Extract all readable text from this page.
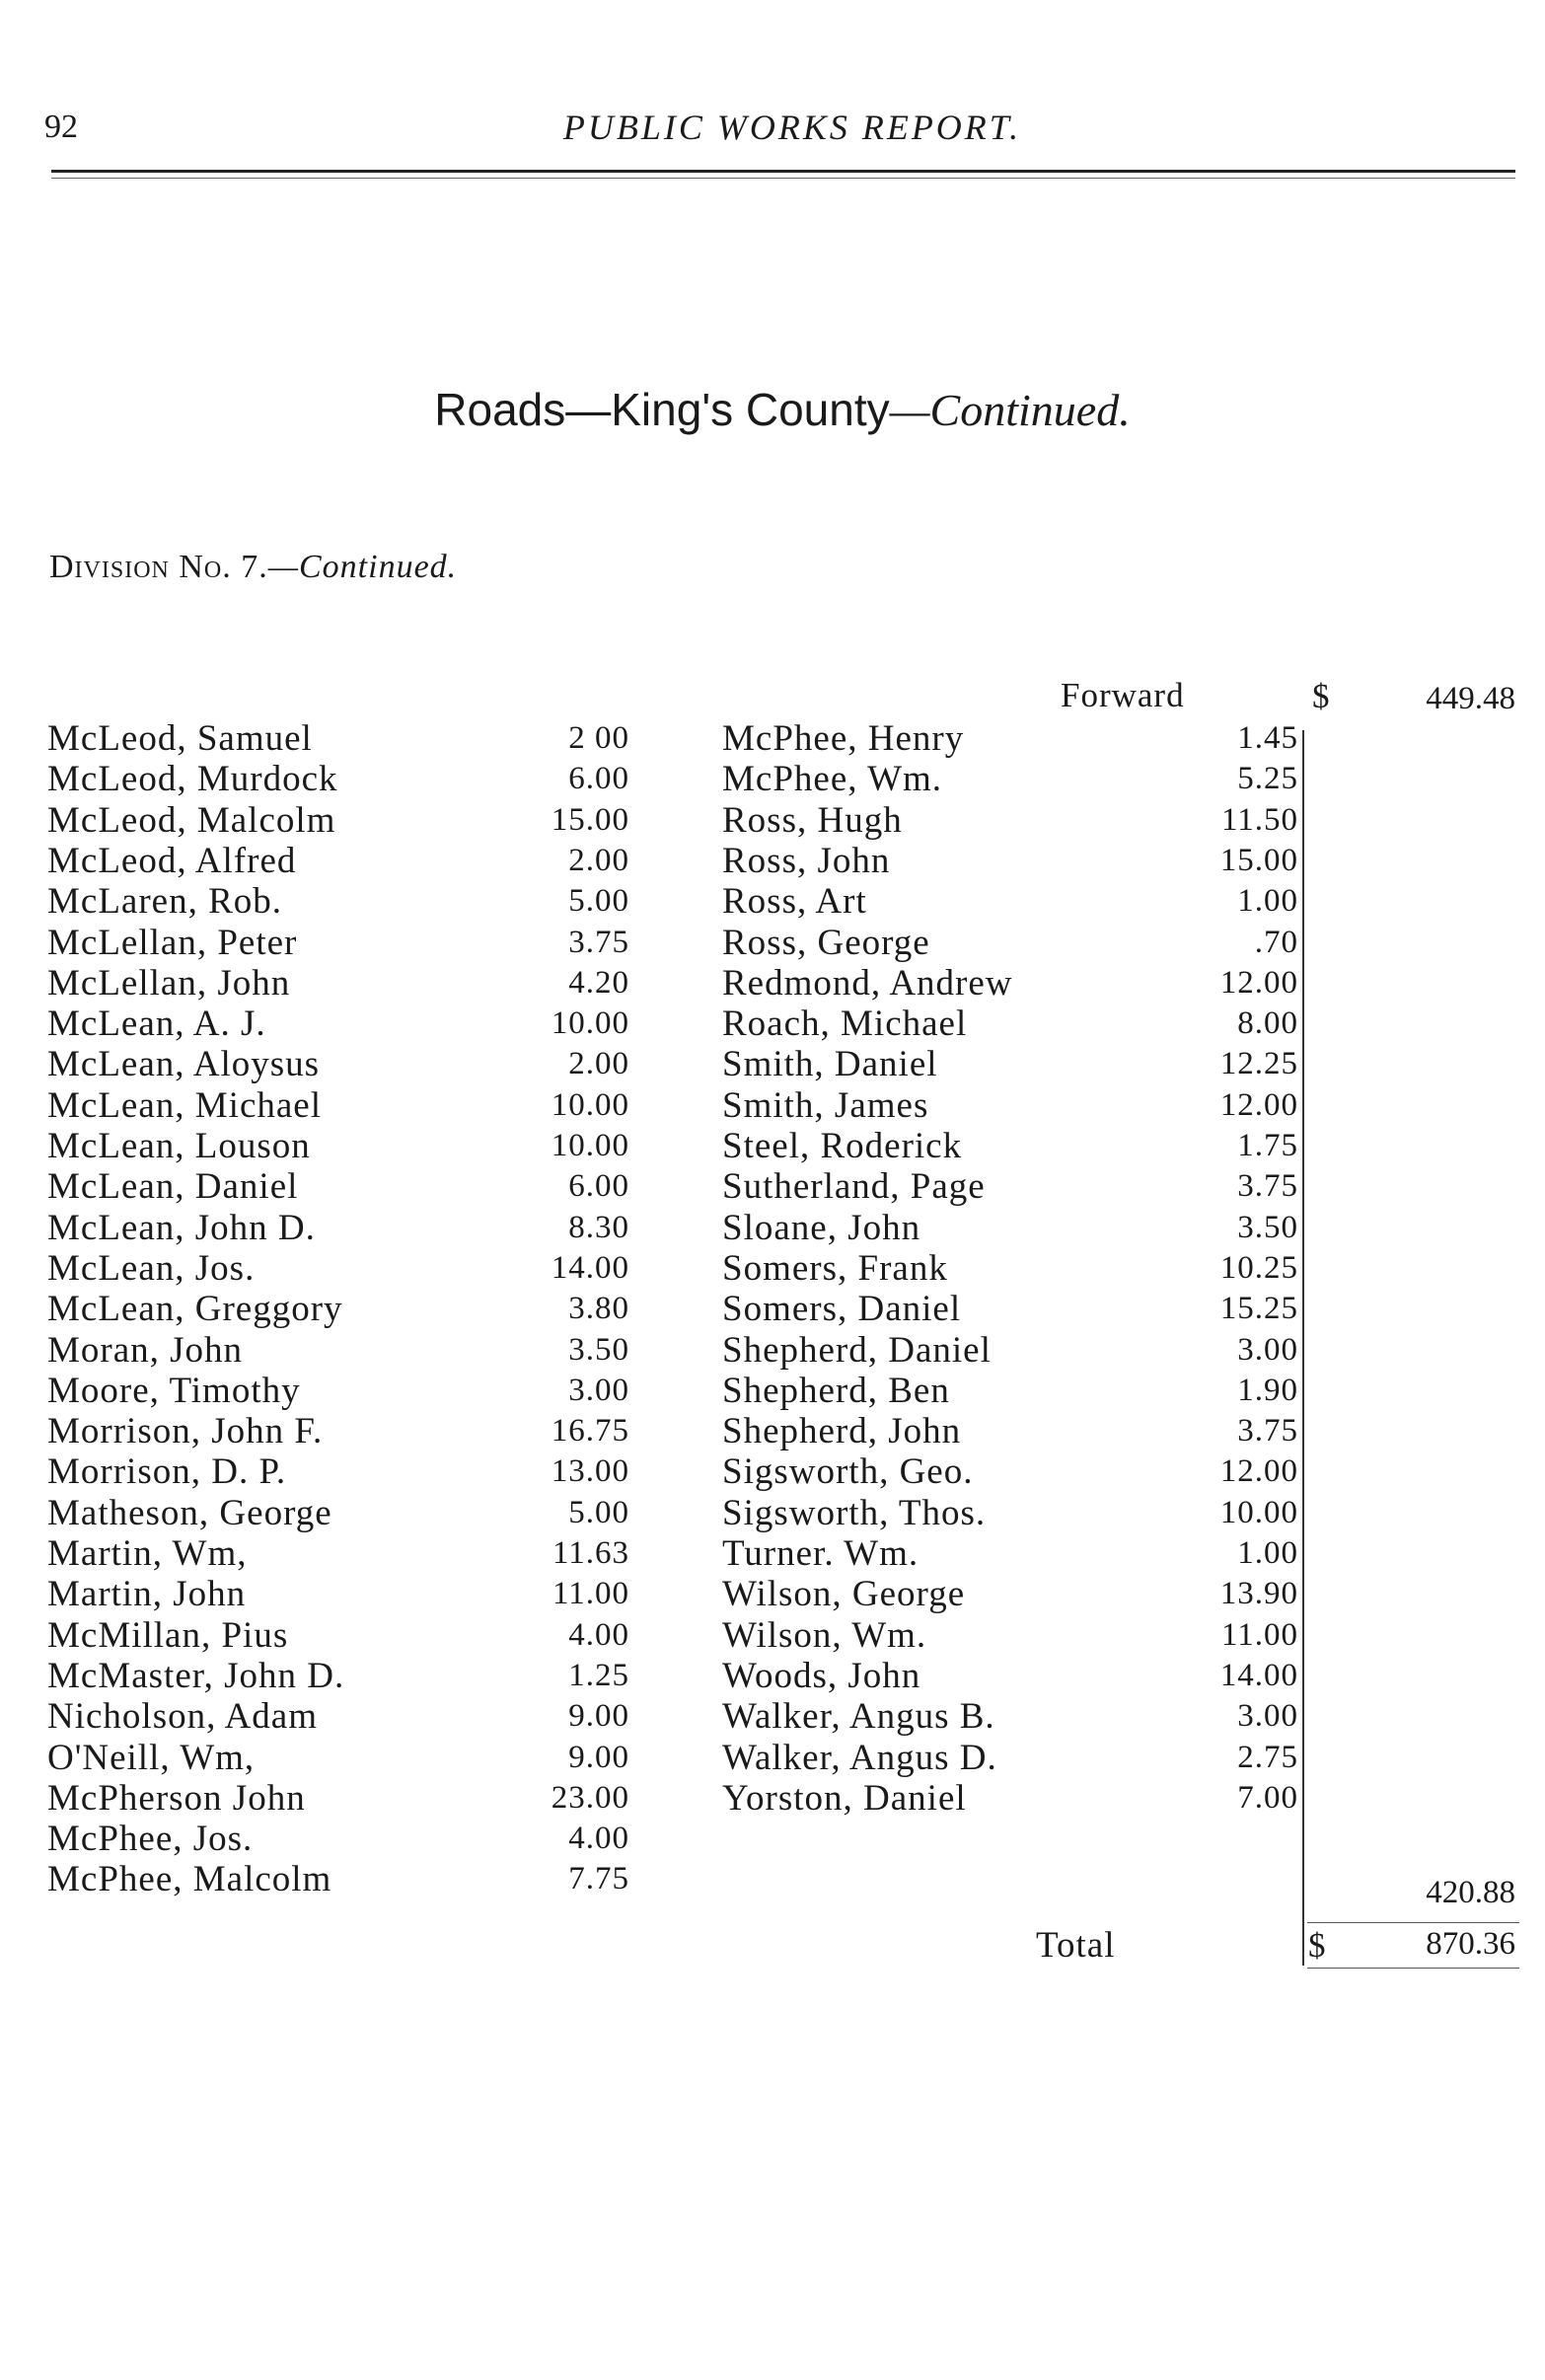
92	PUBLIC WORKS REPORT.
Roads—King's County—Continued.
Division No. 7.—Continued.
McLeod, Samuel	2 00
McLeod, Murdock	6.00
McLeod, Malcolm	15.00
McLeod, Alfred	2.00
McLaren, Rob.	5.00
McLellan, Peter	3.75
McLellan, John	4.20
McLean, A. J.	10.00
McLean, Aloysus	2.00
McLean, Michael	10.00
McLean, Louson	10.00
McLean, Daniel	6.00
McLean, John D.	8.30
McLean, Jos.	14.00
McLean, Greggory	3.80
Moran, John	3.50
Moore, Timothy	3.00
Morrison, John F.	16.75
Morrison, D. P.	13.00
Matheson, George	5.00
Martin, Wm,	11.63
Martin, John	11.00
McMillan, Pius	4.00
McMaster, John D.	1.25
Nicholson, Adam	9.00
O'Neill, Wm,	9.00
McPherson John	23.00
McPhee, Jos.	4.00
McPhee, Malcolm	7.75
Forward	$	449.48
McPhee, Henry	1.45
McPhee, Wm.	5.25
Ross, Hugh	11.50
Ross, John	15.00
Ross, Art	1.00
Ross, George	.70
Redmond, Andrew	12.00
Roach, Michael	8.00
Smith, Daniel	12.25
Smith, James	12.00
Steel, Roderick	1.75
Sutherland, Page	3.75
Sloane, John	3.50
Somers, Frank	10.25
Somers, Daniel	15.25
Shepherd, Daniel	3.00
Shepherd, Ben	1.90
Shepherd, John	3.75
Sigsworth, Geo.	12.00
Sigsworth, Thos.	10.00
Turner. Wm.	1.00
Wilson, George	13.90
Wilson, Wm.	11.00
Woods, John	14.00
Walker, Angus B.	3.00
Walker, Angus D.	2.75
Yorston, Daniel	7.00
420.88
Total	$	870.36
